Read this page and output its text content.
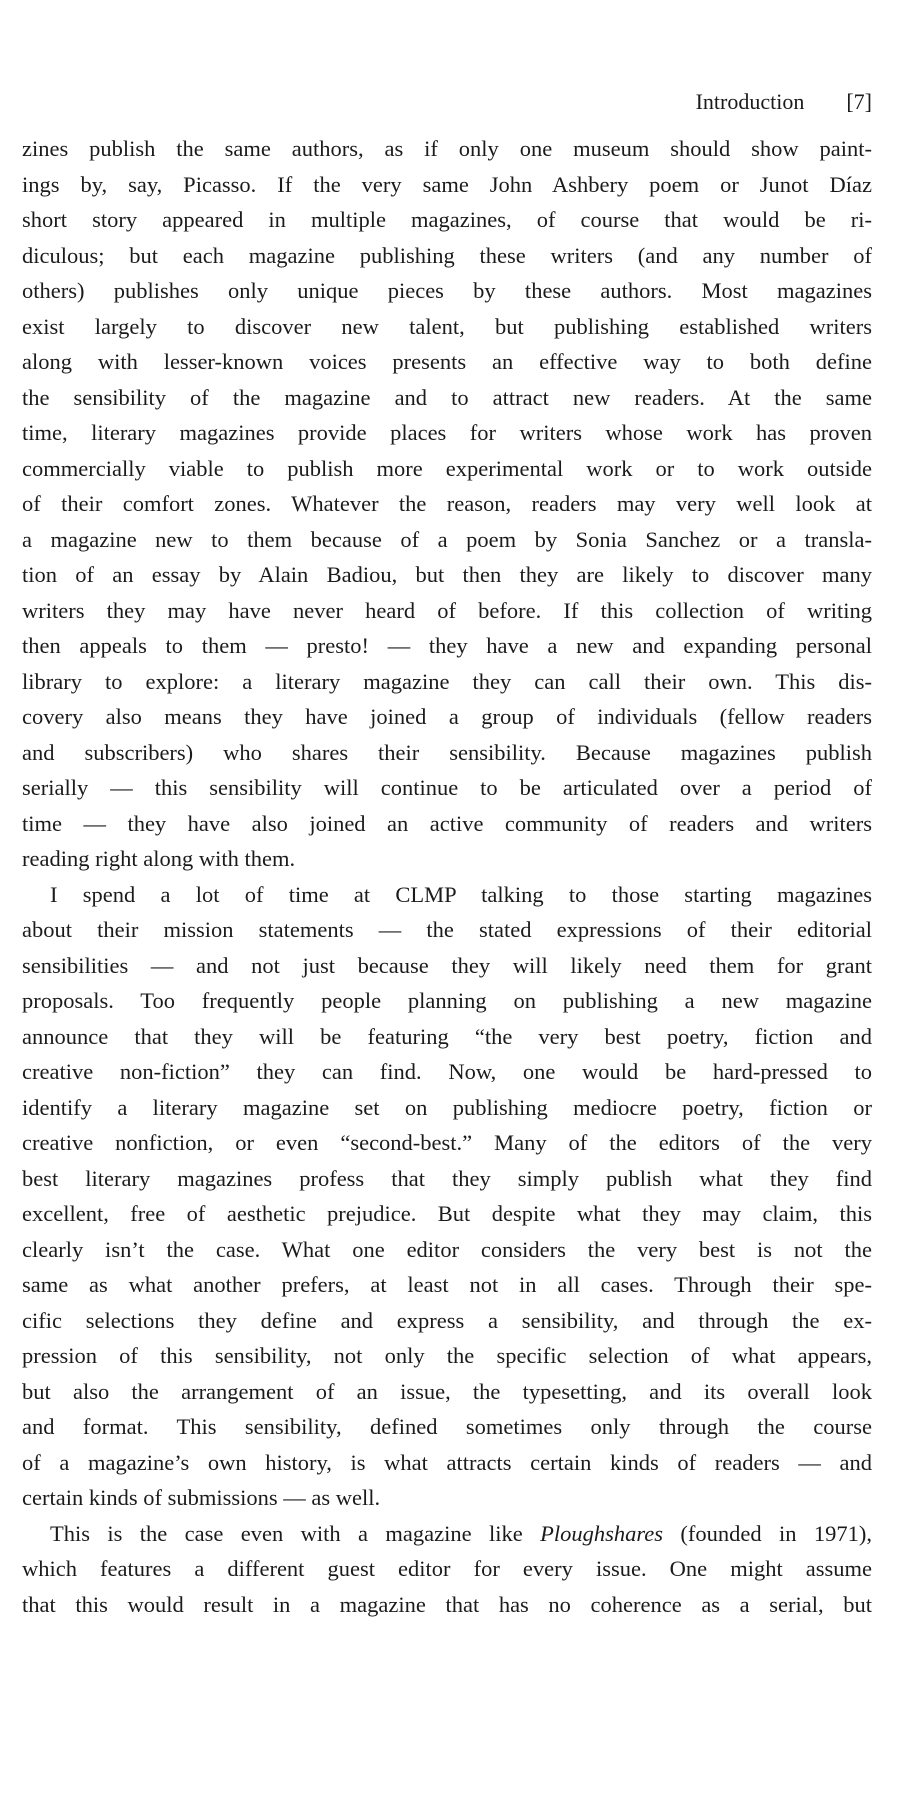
Introduction [7]
zines publish the same authors, as if only one museum should show paint-
ings by, say, Picasso. If the very same John Ashbery poem or Junot Díaz
short story appeared in multiple magazines, of course that would be ri-
diculous; but each magazine publishing these writers (and any number of
others) publishes only unique pieces by these authors. Most magazines
exist largely to discover new talent, but publishing established writers
along with lesser-known voices presents an effective way to both define
the sensibility of the magazine and to attract new readers. At the same
time, literary magazines provide places for writers whose work has proven
commercially viable to publish more experimental work or to work outside
of their comfort zones. Whatever the reason, readers may very well look at
a magazine new to them because of a poem by Sonia Sanchez or a transla-
tion of an essay by Alain Badiou, but then they are likely to discover many
writers they may have never heard of before. If this collection of writing
then appeals to them — presto! — they have a new and expanding personal
library to explore: a literary magazine they can call their own. This dis-
covery also means they have joined a group of individuals (fellow readers
and subscribers) who shares their sensibility. Because magazines publish
serially — this sensibility will continue to be articulated over a period of
time — they have also joined an active community of readers and writers
reading right along with them.
I spend a lot of time at CLMP talking to those starting magazines
about their mission statements — the stated expressions of their editorial
sensibilities — and not just because they will likely need them for grant
proposals. Too frequently people planning on publishing a new magazine
announce that they will be featuring “the very best poetry, fiction and
creative non-fiction” they can find. Now, one would be hard-pressed to
identify a literary magazine set on publishing mediocre poetry, fiction or
creative nonfiction, or even “second-best.” Many of the editors of the very
best literary magazines profess that they simply publish what they find
excellent, free of aesthetic prejudice. But despite what they may claim, this
clearly isn’t the case. What one editor considers the very best is not the
same as what another prefers, at least not in all cases. Through their spe-
cific selections they define and express a sensibility, and through the ex-
pression of this sensibility, not only the specific selection of what appears,
but also the arrangement of an issue, the typesetting, and its overall look
and format. This sensibility, defined sometimes only through the course
of a magazine’s own history, is what attracts certain kinds of readers — and
certain kinds of submissions — as well.
This is the case even with a magazine like Ploughshares (founded in 1971),
which features a different guest editor for every issue. One might assume
that this would result in a magazine that has no coherence as a serial, but
